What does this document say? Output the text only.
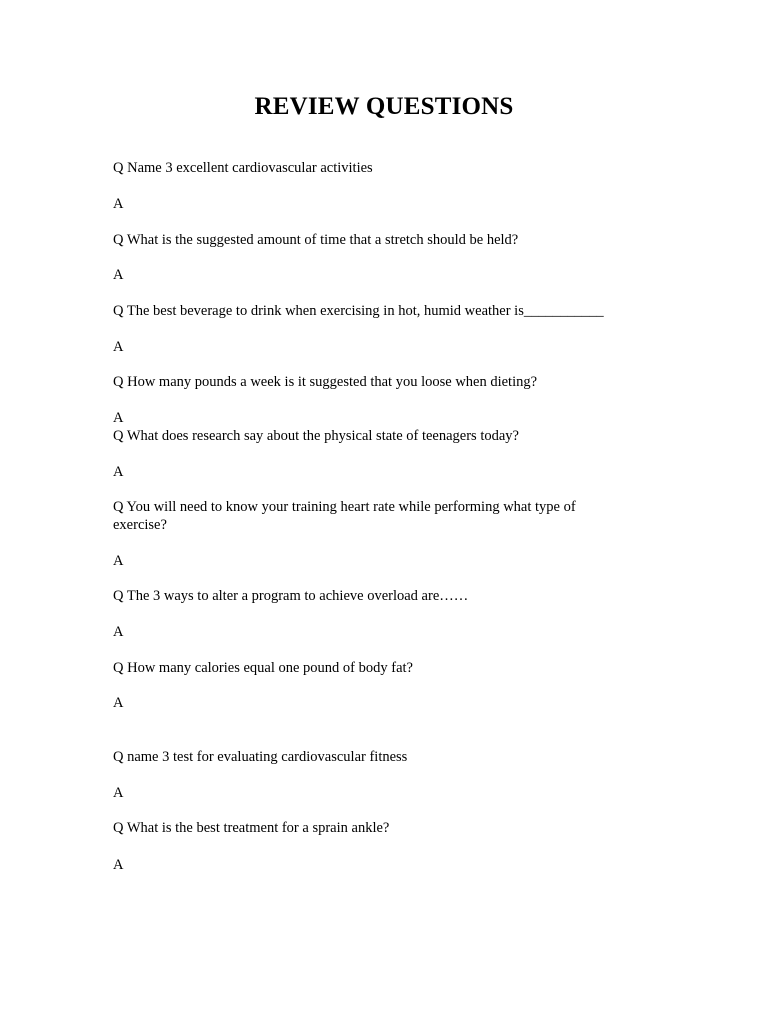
REVIEW QUESTIONS
Q Name 3 excellent cardiovascular activities
A
Q What is the suggested amount of time that a stretch should be held?
A
Q The best beverage to drink when exercising in hot, humid weather is___________
A
Q How many pounds a week is it suggested that you loose when dieting?
A
Q What does research say about the physical state of teenagers today?
A
Q You will need to know your training heart rate while performing what type of exercise?
A
Q The 3 ways to alter a program to achieve overload are……
A
Q How many calories equal one pound of body fat?
A
Q name 3 test for evaluating cardiovascular fitness
A
Q What is the best treatment for a sprain ankle?
A
